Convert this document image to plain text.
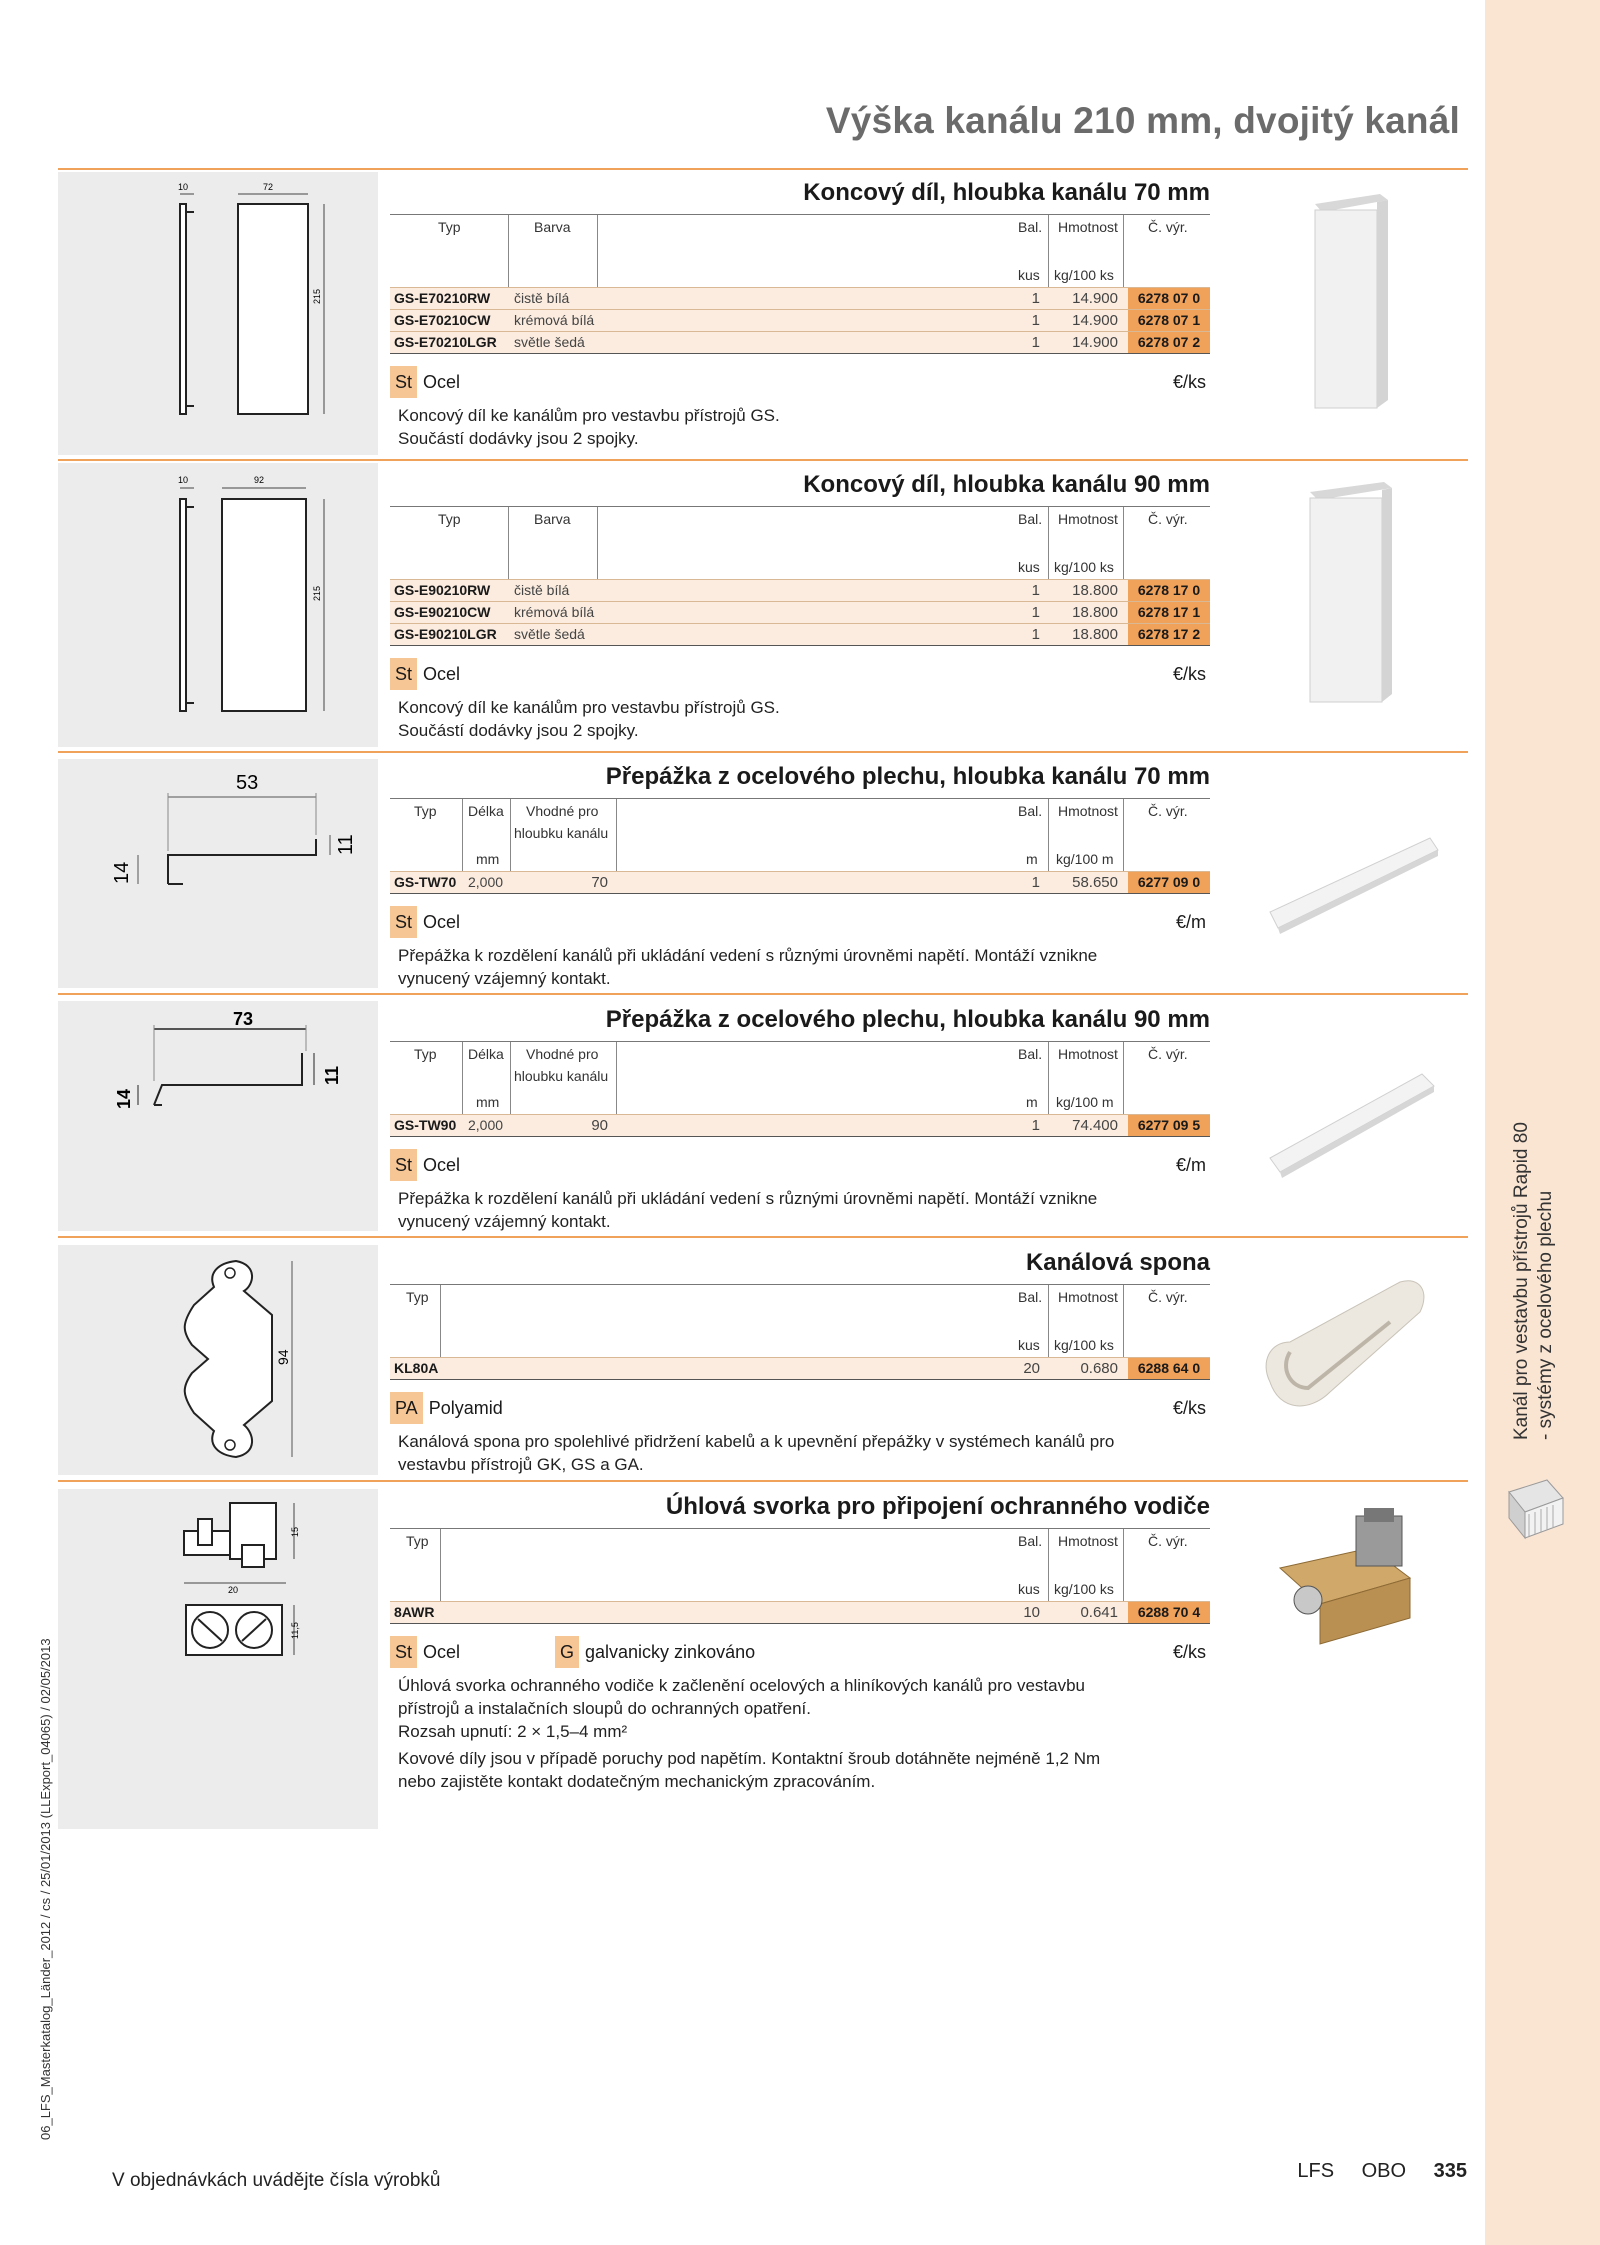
Kanál pro vestavbu přístrojů Rapid 80 - systémy z ocelového plechu
06_LFS_Masterkatalog_Länder_2012 / cs / 25/01/2013 (LLExport_04065) / 02/05/2013
Výška kanálu 210 mm, dvojitý kanál
10	72
215
10	92
215
53
11
14
73
11
14
94
15
20
11,5
Koncový díl, hloubka kanálu 70 mm
Typ	Barva	Bal. Hmotnost Č. výr.
kus kg/100 ks
GS-E70210RW čistě bílá	1	14.900	6278 07 0
GS-E70210CW krémová bílá	1	14.900	6278 07 1
GS-E70210LGR světle šedá	1	14.900	6278 07 2
St Ocel	€/ks
Koncový díl ke kanálům pro vestavbu přístrojů GS.
Součástí dodávky jsou 2 spojky.
Koncový díl, hloubka kanálu 90 mm
Typ	Barva	Bal. Hmotnost Č. výr.
kus kg/100 ks
GS-E90210RW čistě bílá	1	18.800	6278 17 0
GS-E90210CW krémová bílá	1	18.800	6278 17 1
GS-E90210LGR světle šedá	1	18.800	6278 17 2
St Ocel	€/ks
Koncový díl ke kanálům pro vestavbu přístrojů GS.
Součástí dodávky jsou 2 spojky.
Přepážka z ocelového plechu, hloubka kanálu 70 mm
Typ Délka Vhodné pro
hloubku kanálu
Bal. Hmotnost Č. výr.
mm	m kg/100 m
GS-TW70 2,000	70	1	58.650	6277 09 0
St Ocel	€/m
Přepážka k rozdělení kanálů při ukládání vedení s různými úrovněmi napětí. Montáží vznikne
vynucený vzájemný kontakt.
Přepážka z ocelového plechu, hloubka kanálu 90 mm
Typ Délka Vhodné pro
hloubku kanálu
Bal. Hmotnost Č. výr.
mm	m kg/100 m
GS-TW90 2,000	90	1	74.400	6277 09 5
St Ocel	€/m
Přepážka k rozdělení kanálů při ukládání vedení s různými úrovněmi napětí. Montáží vznikne
vynucený vzájemný kontakt.
Kanálová spona
Typ	Bal. Hmotnost Č. výr.
kus kg/100 ks
KL80A	20	0.680	6288 64 0
PA Polyamid	€/ks
Kanálová spona pro spolehlivé přidržení kabelů a k upevnění přepážky v systémech kanálů pro
vestavbu přístrojů GK, GS a GA.
Úhlová svorka pro připojení ochranného vodiče
Typ	Bal. Hmotnost Č. výr.
kus kg/100 ks
8AWR	10	0.641	6288 70 4
St Ocel	G galvanicky zinkováno	€/ks
Úhlová svorka ochranného vodiče k začlenění ocelových a hliníkových kanálů pro vestavbu
přístrojů a instalačních sloupů do ochranných opatření.
Rozsah upnutí: 2 × 1,5–4 mm²
Kovové díly jsou v případě poruchy pod napětím. Kontaktní šroub dotáhněte nejméně 1,2 Nm
nebo zajistěte kontakt dodatečným mechanickým zpracováním.
V objednávkách uvádějte čísla výrobků	LFS OBO 335
